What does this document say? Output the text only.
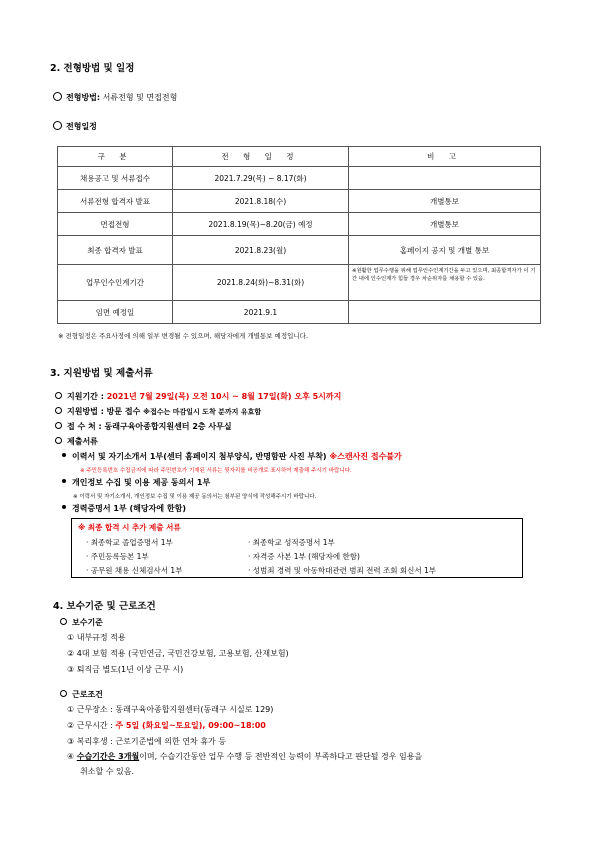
2. 전형방법 및 일정
전형방법: 서류전형 및 면접전형
전형일정
구 분	전 형 일 정	비 고
채용공고 및 서류접수	2021.7.29(목) ~ 8.17(화)	
서류전형 합격자 발표	2021.8.18(수)	개별통보
면접전형	2021.8.19(목)~8.20(금) 예정	개별통보
최종 합격자 발표	2021.8.23(월)	홈페이지 공지 및 개별 통보
업무인수인계기간	2021.8.24(화)~8.31(화)	※원활한 업무수행을 위해 업무인수인계기간을 두고 있으며, 최종합격자가 이 기간 내에 인수인계가 힘들 경우 차순위자를 채용할 수 있음.
임면 예정일	2021.9.1	
※ 전형일정은 주요사정에 의해 일부 변경될 수 있으며, 해당자에게 개별통보 예정입니다.
3. 지원방법 및 제출서류
지원기간 : 2021년 7월 29일(목) 오전 10시 ~ 8월 17일(화) 오후 5시까지
지원방법 : 방문 접수 ※접수는 마감일시 도착 분까지 유효함
접 수 처 : 동래구육아종합지원센터 2층 사무실
제출서류
이력서 및 자기소개서 1부(센터 홈페이지 첨부양식, 반명함판 사진 부착) ※스캔사진 접수불가
※ 주민등록번호 수집금지에 따라 주민번호가 기재된 서류는 뒷자리를 비공개로 표시하여 제출해 주시기 바랍니다.
개인정보 수집 및 이용 제공 동의서 1부
※ 이력서 및 자기소개서, 개인정보 수집 및 이용 제공 동의서는 첨부된 양식에 작성해주시기 바랍니다.
경력증명서 1부 (해당자에 한함)
※ 최종 합격 시 추가 제출 서류
· 최종학교 졸업증명서 1부	· 최종학교 성적증명서 1부
· 주민등록등본 1부	· 자격증 사본 1부 (해당자에 한함)
· 공무원 채용 신체검사서 1부	· 성범죄 경력 및 아동학대관련 범죄 전력 조회 회신서 1부
4. 보수기준 및 근로조건
보수기준
① 내부규정 적용
② 4대 보험 적용 (국민연금, 국민건강보험, 고용보험, 산재보험)
③ 퇴직금 별도(1년 이상 근무 시)
근로조건
① 근무장소 : 동래구육아종합지원센터(동래구 시실로 129)
② 근무시간 : 주 5일 (화요일~토요일), 09:00~18:00
③ 복리후생 : 근로기준법에 의한 연차 휴가 등
④ 수습기간은 3개월이며, 수습기간동안 업무 수행 등 전반적인 능력이 부족하다고 판단될 경우 임용을
취소할 수 있음.
